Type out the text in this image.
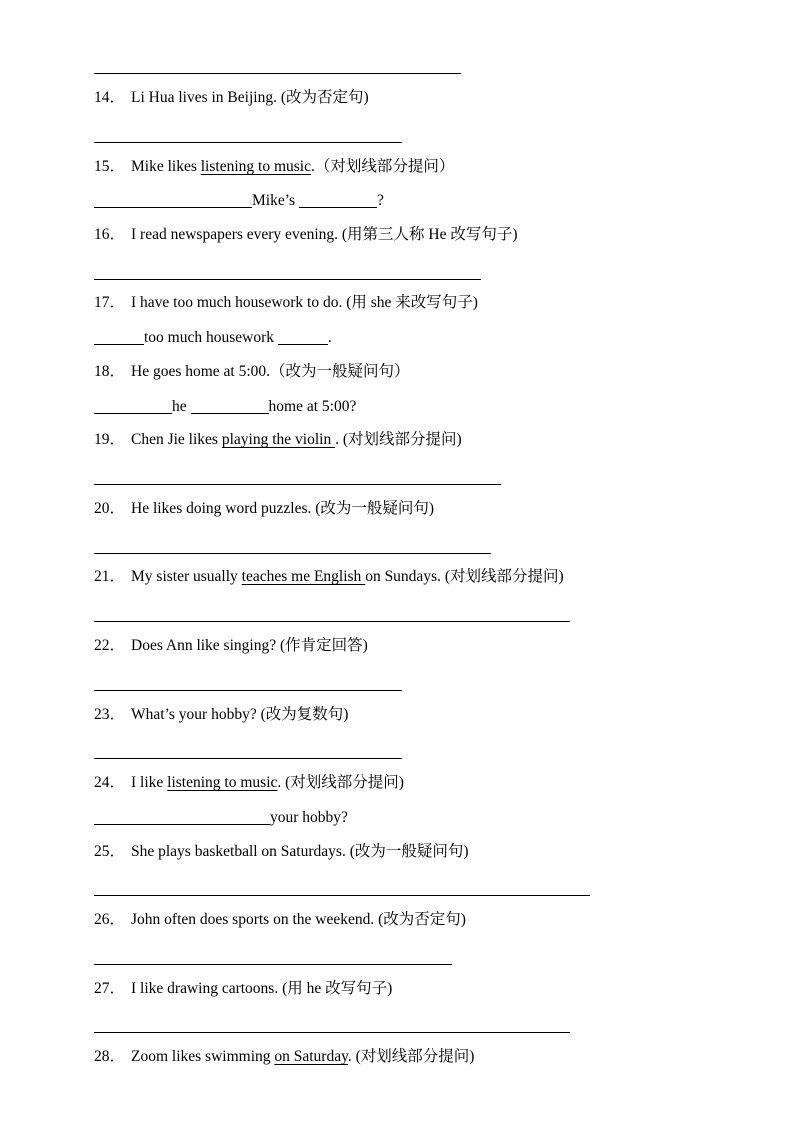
14． Li Hua lives in Beijing. (改为否定句)
15． Mike likes listening to music.（对划线部分提问）
Mike’s	?
16． I read newspapers every evening. (用第三人称 He 改写句子)
17． I have too much housework to do. (用 she 来改写句子)
too much housework	.
18． He goes home at 5:00.（改为一般疑问句）
he	home at 5:00?
19． Chen Jie likes playing the violin . (对划线部分提问)
20． He likes doing word puzzles. (改为一般疑问句)
21． My sister usually teaches me English on Sundays. (对划线部分提问)
22． Does Ann like singing? (作肯定回答)
23． What’s your hobby? (改为复数句)
24． I like listening to music. (对划线部分提问)
your hobby?
25． She plays basketball on Saturdays. (改为一般疑问句)
26． John often does sports on the weekend. (改为否定句)
27． I like drawing cartoons. (用 he 改写句子)
28． Zoom likes swimming on Saturday. (对划线部分提问)
